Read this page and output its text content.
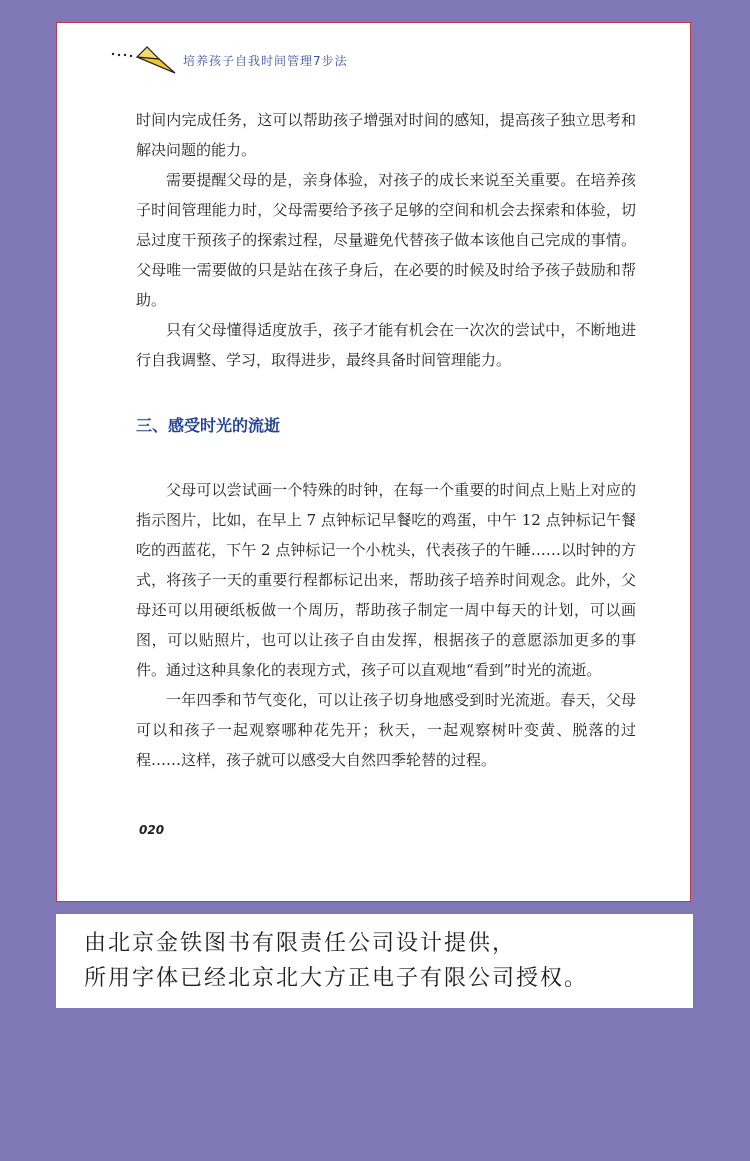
培养孩子自我时间管理7步法

时间内完成任务，这可以帮助孩子增强对时间的感知，提高孩子独立思考和解决问题的能力。

需要提醒父母的是，亲身体验，对孩子的成长来说至关重要。在培养孩子时间管理能力时，父母需要给予孩子足够的空间和机会去探索和体验，切忌过度干预孩子的探索过程，尽量避免代替孩子做本该他自己完成的事情。父母唯一需要做的只是站在孩子身后，在必要的时候及时给予孩子鼓励和帮助。

只有父母懂得适度放手，孩子才能有机会在一次次的尝试中，不断地进行自我调整、学习，取得进步，最终具备时间管理能力。

三、感受时光的流逝

父母可以尝试画一个特殊的时钟，在每一个重要的时间点上贴上对应的指示图片，比如，在早上 7 点钟标记早餐吃的鸡蛋，中午 12 点钟标记午餐吃的西蓝花，下午 2 点钟标记一个小枕头，代表孩子的午睡……以时钟的方式，将孩子一天的重要行程都标记出来，帮助孩子培养时间观念。此外，父母还可以用硬纸板做一个周历，帮助孩子制定一周中每天的计划，可以画图，可以贴照片，也可以让孩子自由发挥，根据孩子的意愿添加更多的事件。通过这种具象化的表现方式，孩子可以直观地“看到”时光的流逝。

一年四季和节气变化，可以让孩子切身地感受到时光流逝。春天，父母可以和孩子一起观察哪种花先开；秋天，一起观察树叶变黄、脱落的过程……这样，孩子就可以感受大自然四季轮替的过程。

020
由北京金铁图书有限责任公司设计提供，
所用字体已经北京北大方正电子有限公司授权。
